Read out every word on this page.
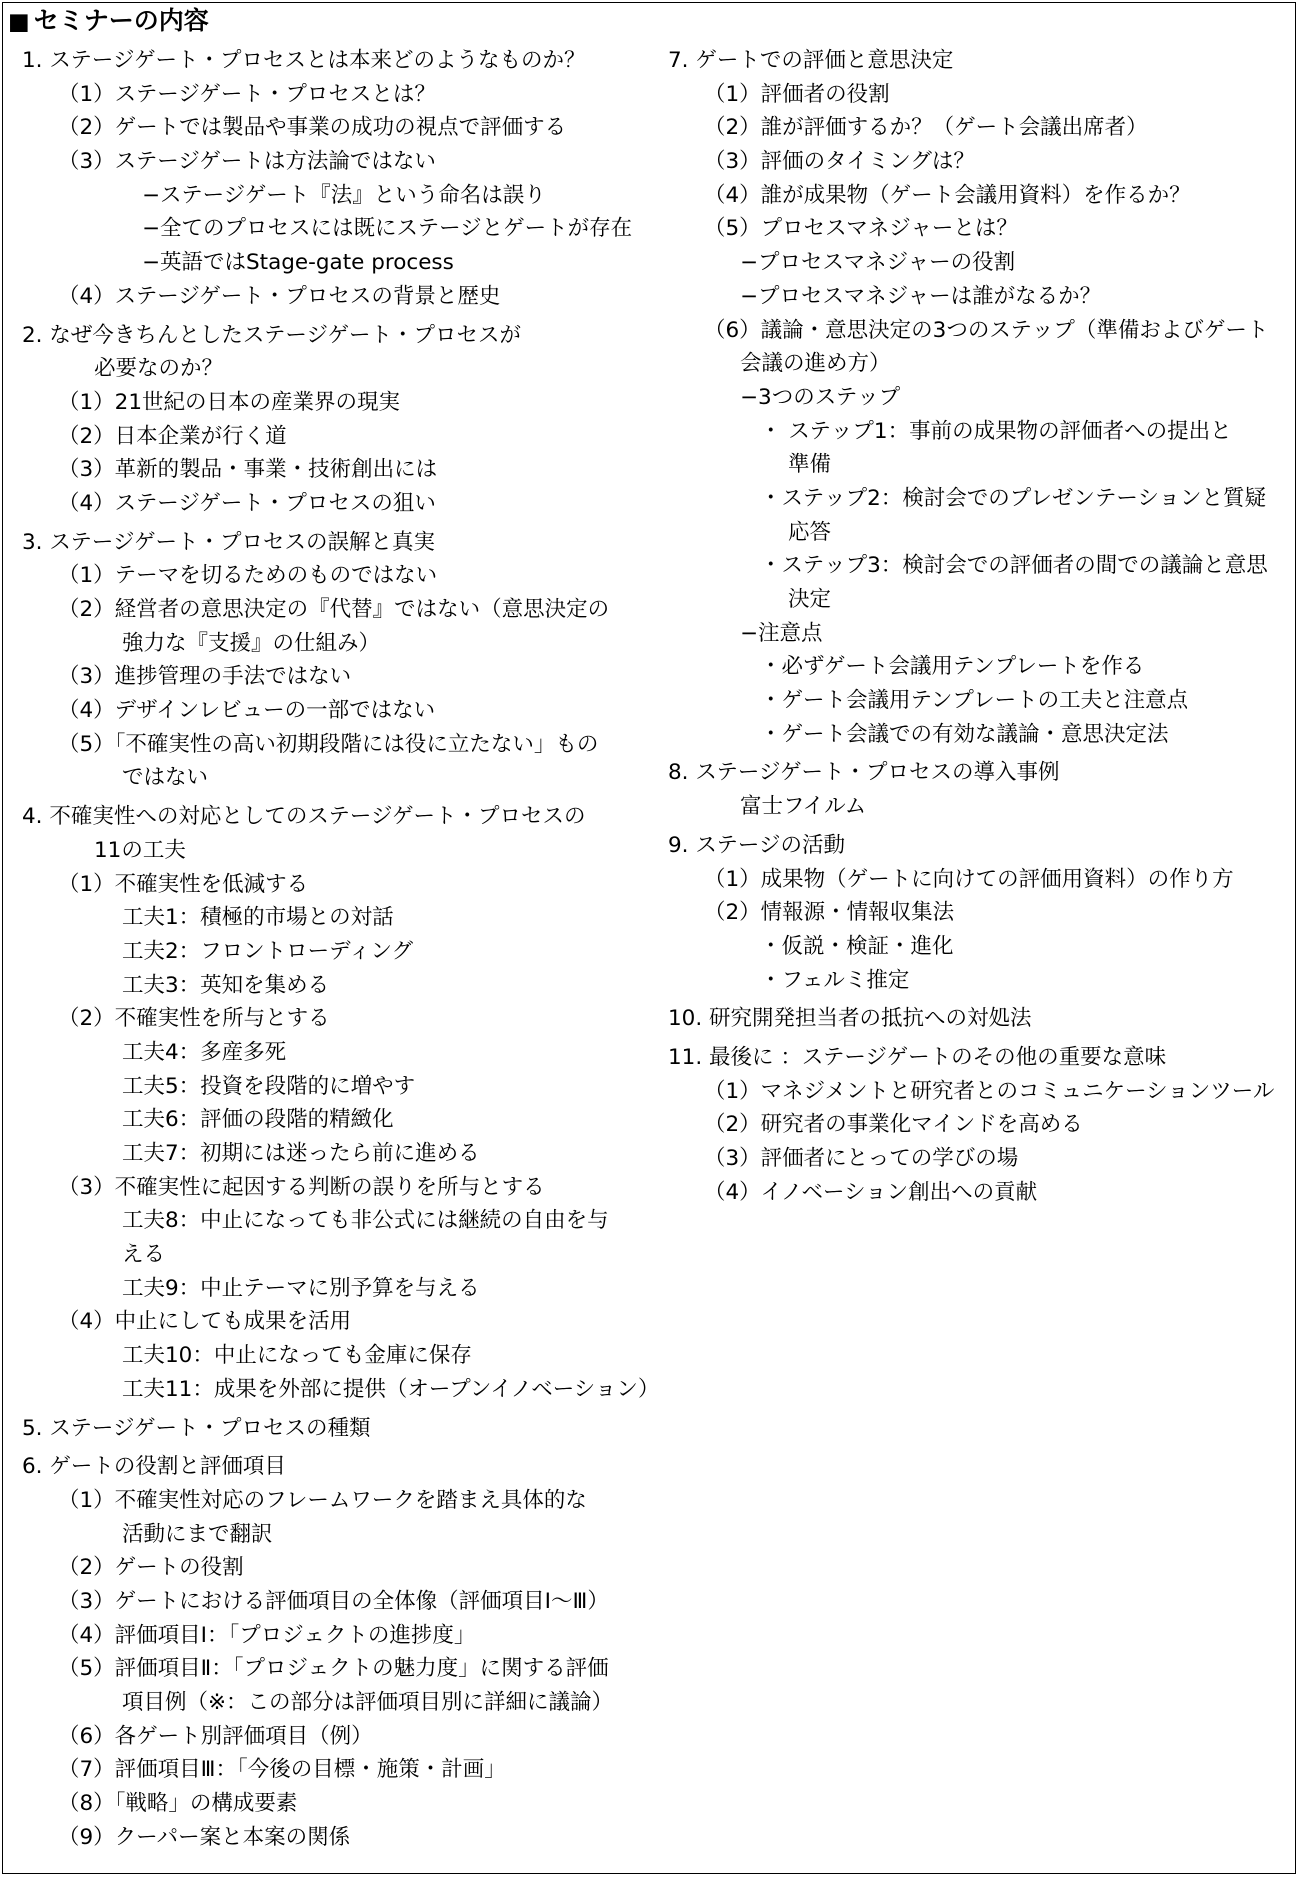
■ セミナーの内容
1. ステージゲート・プロセスとは本来どのようなものか？
（1）ステージゲート・プロセスとは？
（2）ゲートでは製品や事業の成功の視点で評価する
（3）ステージゲートは方法論ではない
−ステージゲート『法』という命名は誤り
−全てのプロセスには既にステージとゲートが存在
−英語ではStage-gate process
（4）ステージゲート・プロセスの背景と歴史
2. なぜ今きちんとしたステージゲート・プロセスが
必要なのか？
（1）21世紀の日本の産業界の現実
（2）日本企業が行く道
（3）革新的製品・事業・技術創出には
（4）ステージゲート・プロセスの狙い
3. ステージゲート・プロセスの誤解と真実
（1）テーマを切るためのものではない
（2）経営者の意思決定の『代替』ではない（意思決定の
強力な『支援』の仕組み）
（3）進捗管理の手法ではない
（4）デザインレビューの一部ではない
（5）「不確実性の高い初期段階には役に立たない」もの
ではない
4. 不確実性への対応としてのステージゲート・プロセスの
11の工夫
（1）不確実性を低減する
工夫1：積極的市場との対話
工夫2：フロントローディング
工夫3：英知を集める
（2）不確実性を所与とする
工夫4：多産多死
工夫5：投資を段階的に増やす
工夫6：評価の段階的精緻化
工夫7：初期には迷ったら前に進める
（3）不確実性に起因する判断の誤りを所与とする
工夫8：中止になっても非公式には継続の自由を与
える
工夫9：中止テーマに別予算を与える
（4）中止にしても成果を活用
工夫10：中止になっても金庫に保存
工夫11：成果を外部に提供（オープンイノベーション）
5. ステージゲート・プロセスの種類
6. ゲートの役割と評価項目
（1）不確実性対応のフレームワークを踏まえ具体的な
活動にまで翻訳
（2）ゲートの役割
（3）ゲートにおける評価項目の全体像（評価項目Ⅰ〜Ⅲ）
（4）評価項目Ⅰ：「プロジェクトの進捗度」
（5）評価項目Ⅱ：「プロジェクトの魅力度」に関する評価
項目例（※：この部分は評価項目別に詳細に議論）
（6）各ゲート別評価項目（例）
（7）評価項目Ⅲ：「今後の目標・施策・計画」
（8）「戦略」の構成要素
（9）クーパー案と本案の関係
7. ゲートでの評価と意思決定
（1）評価者の役割
（2）誰が評価するか？（ゲート会議出席者）
（3）評価のタイミングは？
（4）誰が成果物（ゲート会議用資料）を作るか？
（5）プロセスマネジャーとは？
−プロセスマネジャーの役割
−プロセスマネジャーは誰がなるか？
（6）議論・意思決定の3つのステップ（準備およびゲート
会議の進め方）
−3つのステップ
・ ステップ1：事前の成果物の評価者への提出と
準備
・ステップ2：検討会でのプレゼンテーションと質疑
応答
・ステップ3：検討会での評価者の間での議論と意思
決定
−注意点
・必ずゲート会議用テンプレートを作る
・ゲート会議用テンプレートの工夫と注意点
・ゲート会議での有効な議論・意思決定法
8. ステージゲート・プロセスの導入事例
富士フイルム
9. ステージの活動
（1）成果物（ゲートに向けての評価用資料）の作り方
（2）情報源・情報収集法
・仮説・検証・進化
・フェルミ推定
10. 研究開発担当者の抵抗への対処法
11. 最後に ：ステージゲートのその他の重要な意味
（1）マネジメントと研究者とのコミュニケーションツール
（2）研究者の事業化マインドを高める
（3）評価者にとっての学びの場
（4）イノベーション創出への貢献
